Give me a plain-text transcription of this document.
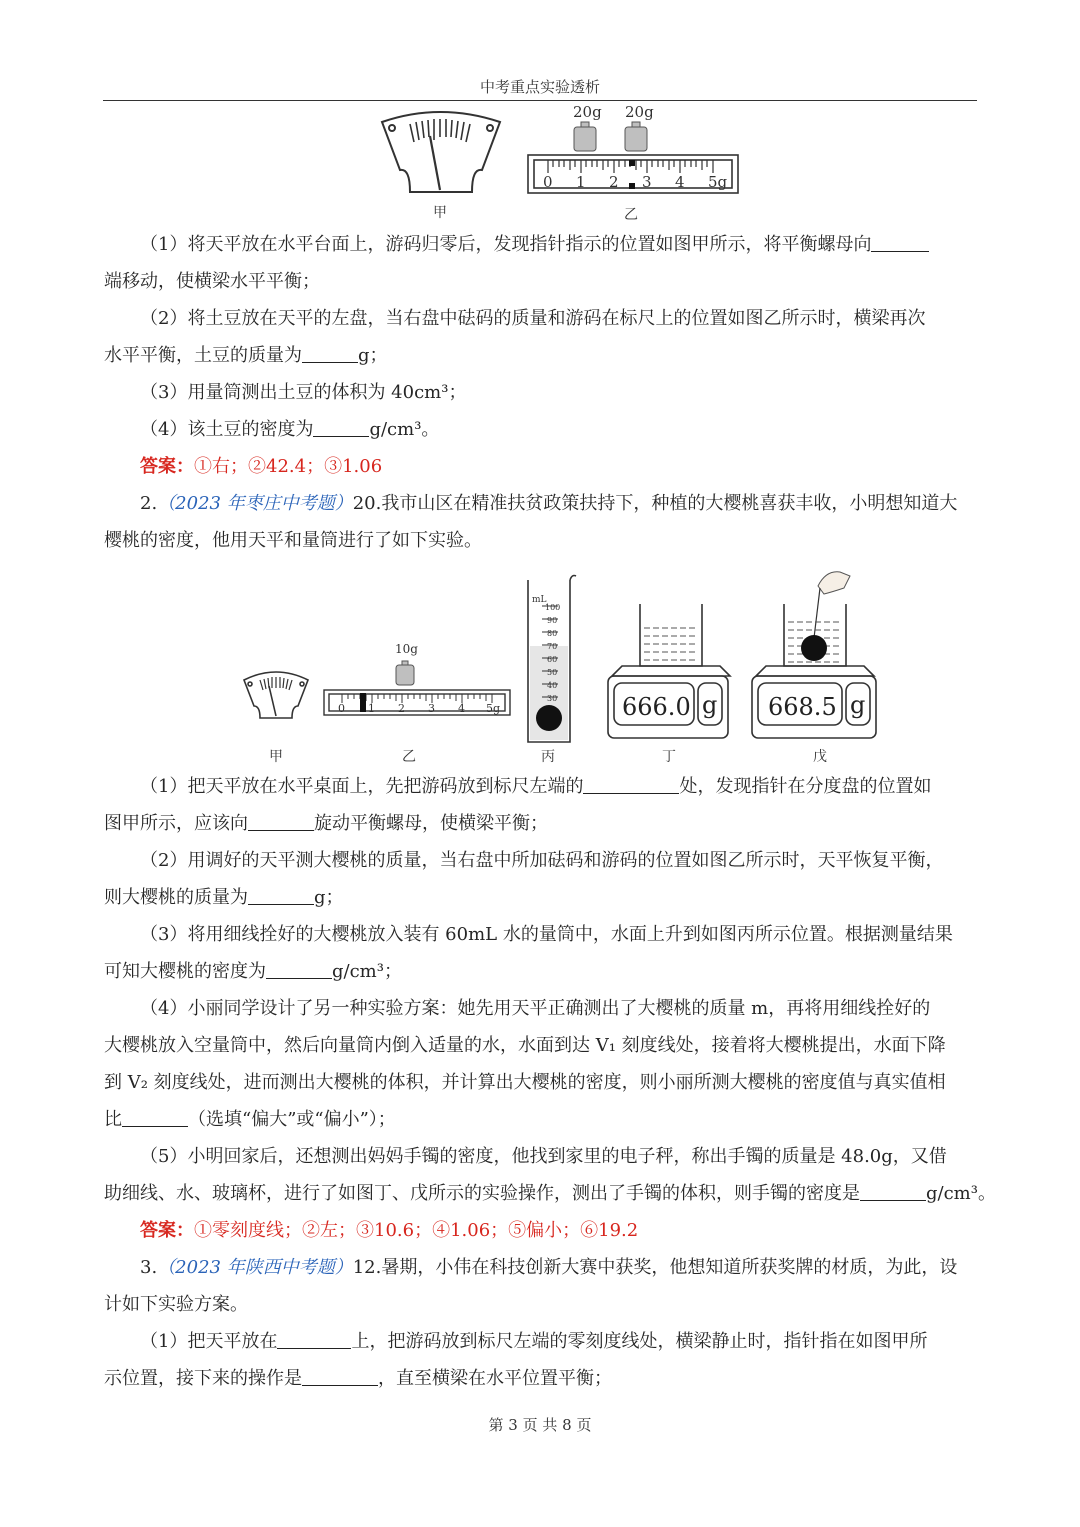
中考重点实验透析
20g 20g
0 1 2 3 4 5g
甲	乙
（1）将天平放在水平台面上，游码归零后，发现指针指示的位置如图甲所示，将平衡螺母向
端移动，使横梁水平平衡；
（2）将土豆放在天平的左盘，当右盘中砝码的质量和游码在标尺上的位置如图乙所示时，横梁再次
水平平衡，土豆的质量为	g；
（3）用量筒测出土豆的体积为 40cm³；
（4）该土豆的密度为	g/cm³。
答案：①右；②42.4；③1.06
2.（2023 年枣庄中考题）20.我市山区在精准扶贫政策扶持下，种植的大樱桃喜获丰收，小明想知道大
樱桃的密度，他用天平和量筒进行了如下实验。
10g
0 1 2 3 4 5g
mL
100
90
80
70
60
50
40
30	666.0 g 668.5 g
甲	乙	丙	丁	戊
（1）把天平放在水平桌面上，先把游码放到标尺左端的	处，发现指针在分度盘的位置如
图甲所示，应该向	旋动平衡螺母，使横梁平衡；
（2）用调好的天平测大樱桃的质量，当右盘中所加砝码和游码的位置如图乙所示时，天平恢复平衡，
则大樱桃的质量为	g；
（3）将用细线拴好的大樱桃放入装有 60mL 水的量筒中，水面上升到如图丙所示位置。根据测量结果
可知大樱桃的密度为	g/cm³；
（4）小丽同学设计了另一种实验方案：她先用天平正确测出了大樱桃的质量 m，再将用细线拴好的
大樱桃放入空量筒中，然后向量筒内倒入适量的水，水面到达 V₁ 刻度线处，接着将大樱桃提出，水面下降
到 V₂ 刻度线处，进而测出大樱桃的体积，并计算出大樱桃的密度，则小丽所测大樱桃的密度值与真实值相
比	（选填“偏大”或“偏小”）；
（5）小明回家后，还想测出妈妈手镯的密度，他找到家里的电子秤，称出手镯的质量是 48.0g，又借
助细线、水、玻璃杯，进行了如图丁、戊所示的实验操作，测出了手镯的体积，则手镯的密度是	g/cm³。
答案：①零刻度线；②左；③10.6；④1.06；⑤偏小；⑥19.2
3.（2023 年陕西中考题）12.暑期，小伟在科技创新大赛中获奖，他想知道所获奖牌的材质，为此，设
计如下实验方案。
（1）把天平放在	上，把游码放到标尺左端的零刻度线处，横梁静止时，指针指在如图甲所
示位置，接下来的操作是	，直至横梁在水平位置平衡；
第 3 页 共 8 页
